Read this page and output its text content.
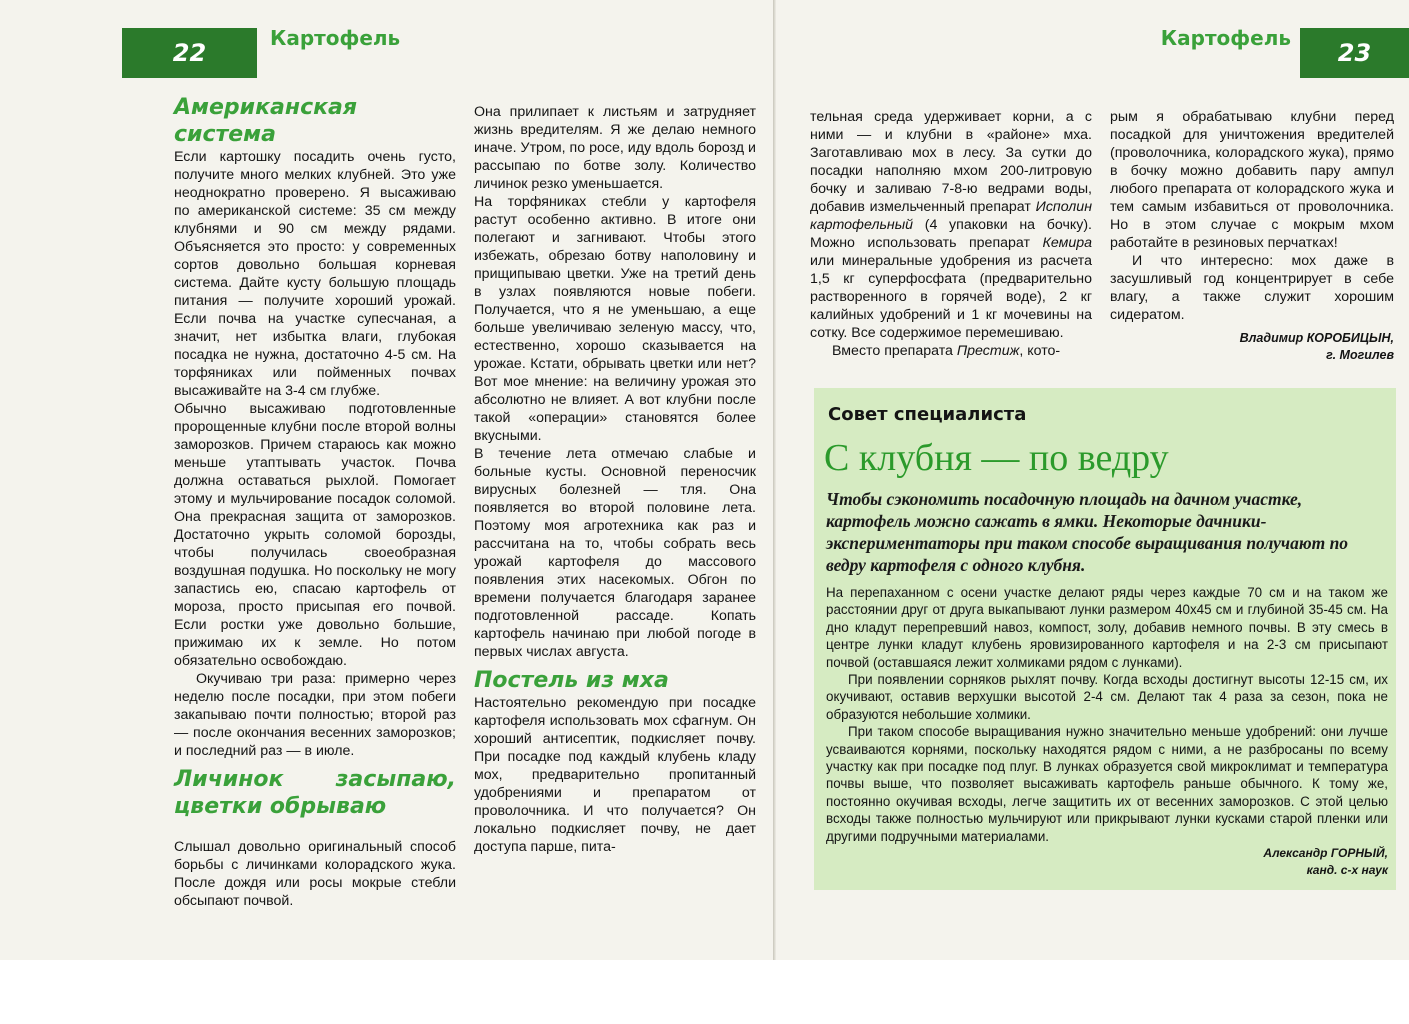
22
Картофель	Картофель
23
Американская система

Если картошку посадить очень густо, получите много мелких клубней. Это уже неоднократно проверено. Я высаживаю по американской системе: 35 см между клубнями и 90 см между рядами. Объясняется это просто: у современных сортов довольно большая корневая система. Дайте кусту большую площадь питания — получите хороший урожай. Если почва на участке супесчаная, а значит, нет избытка влаги, глубокая посадка не нужна, достаточно 4-5 см. На торфяниках или пойменных почвах высаживайте на 3-4 см глубже.

Обычно высаживаю подготовленные пророщенные клубни после второй волны заморозков. Причем стараюсь как можно меньше утаптывать участок. Почва должна оставаться рыхлой. Помогает этому и мульчирование посадок соломой. Она прекрасная защита от заморозков. Достаточно укрыть соломой борозды, чтобы получилась своеобразная воздушная подушка. Но поскольку не могу запастись ею, спасаю картофель от мороза, просто присыпая его почвой. Если ростки уже довольно большие, прижимаю их к земле. Но потом обязательно освобождаю.

Окучиваю три раза: примерно через неделю после посадки, при этом побеги закапываю почти полностью; второй раз — после окончания весенних заморозков; и последний раз — в июле.

Личинок засыпаю, цветки обрываю

Слышал довольно оригинальный способ борьбы с личинками колорадского жука. После дождя или росы мокрые стебли обсыпают почвой.

Она прилипает к листьям и затрудняет жизнь вредителям. Я же делаю немного иначе. Утром, по росе, иду вдоль борозд и рассыпаю по ботве золу. Количество личинок резко уменьшается.

На торфяниках стебли у картофеля растут особенно активно. В итоге они полегают и загнивают. Чтобы этого избежать, обрезаю ботву наполовину и прищипываю цветки. Уже на третий день в узлах появляются новые побеги. Получается, что я не уменьшаю, а еще больше увеличиваю зеленую массу, что, естественно, хорошо сказывается на урожае. Кстати, обрывать цветки или нет? Вот мое мнение: на величину урожая это абсолютно не влияет. А вот клубни после такой «операции» становятся более вкусными.

В течение лета отмечаю слабые и больные кусты. Основной переносчик вирусных болезней — тля. Она появляется во второй половине лета. Поэтому моя агротехника как раз и рассчитана на то, чтобы собрать весь урожай картофеля до массового появления этих насекомых. Обгон по времени получается благодаря заранее подготовленной рассаде. Копать картофель начинаю при любой погоде в первых числах августа.

Постель из мха

Настоятельно рекомендую при посадке картофеля использовать мох сфагнум. Он хороший антисептик, подкисляет почву. При посадке под каждый клубень кладу мох, предварительно пропитанный удобрениями и препаратом от проволочника. И что получается? Он локально подкисляет почву, не дает доступа парше, пита-

тельная среда удерживает корни, а с ними — и клубни в «районе» мха. Заготавливаю мох в лесу. За сутки до посадки наполняю мхом 200-литровую бочку и заливаю 7-8-ю ведрами воды, добавив измельченный препарат Исполин картофельный (4 упаковки на бочку). Можно использовать препарат Кемира или минеральные удобрения из расчета 1,5 кг суперфосфата (предварительно растворенного в горячей воде), 2 кг калийных удобрений и 1 кг мочевины на сотку. Все содержимое перемешиваю.

Вместо препарата Престиж, кото-

рым я обрабатываю клубни перед посадкой для уничтожения вредителей (проволочника, колорадского жука), прямо в бочку можно добавить пару ампул любого препарата от колорадского жука и тем самым избавиться от проволочника. Но в этом случае с мокрым мхом работайте в резиновых перчатках!

И что интересно: мох даже в засушливый год концентрирует в себе влагу, а также служит хорошим сидератом.

Владимир КОРОБИЦЫН,

г. Могилев

Совет специалиста
С клубня — по ведру
Чтобы сэкономить посадочную площадь на дачном участке, картофель можно сажать в ямки. Некоторые дачники-экспериментаторы при таком способе выращивания получают по ведру картофеля с одного клубня.

На перепаханном с осени участке делают ряды через каждые 70 см и на таком же расстоянии друг от друга выкапывают лунки размером 40x45 см и глубиной 35-45 см. На дно кладут перепревший навоз, компост, золу, добавив немного почвы. В эту смесь в центре лунки кладут клубень яровизированного картофеля и на 2-3 см присыпают почвой (оставшаяся лежит холмиками рядом с лунками).

При появлении сорняков рыхлят почву. Когда всходы достигнут высоты 12-15 см, их окучивают, оставив верхушки высотой 2-4 см. Делают так 4 раза за сезон, пока не образуются небольшие холмики.

При таком способе выращивания нужно значительно меньше удобрений: они лучше усваиваются корнями, поскольку находятся рядом с ними, а не разбросаны по всему участку как при посадке под плуг. В лунках образуется свой микроклимат и температура почвы выше, что позволяет высаживать картофель раньше обычного. К тому же, постоянно окучивая всходы, легче защитить их от весенних заморозков. С этой целью всходы также полностью мульчируют или прикрывают лунки кусками старой пленки или другими подручными материалами.

Александр ГОРНЫЙ,

канд. с-х наук
